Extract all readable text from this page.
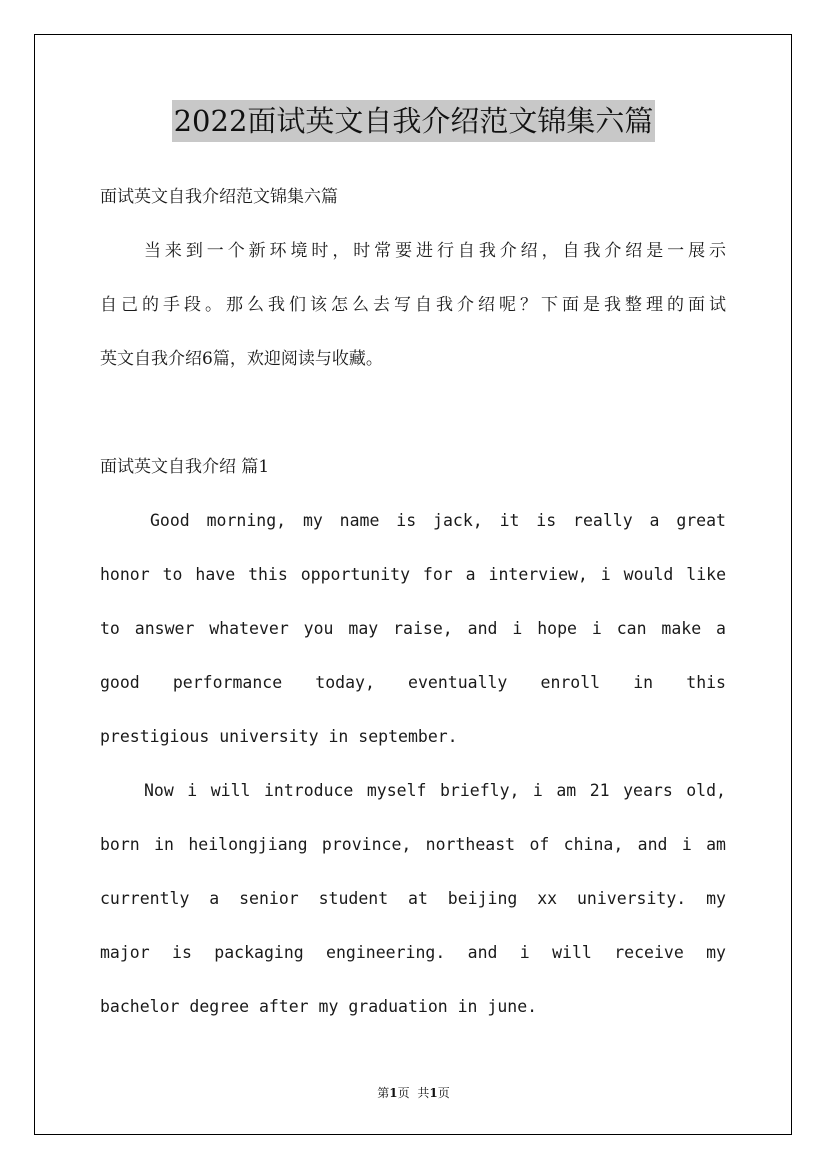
2022面试英文自我介绍范文锦集六篇
面试英文自我介绍范文锦集六篇
当来到一个新环境时，时常要进行自我介绍，自我介绍是一展示
自己的手段。那么我们该怎么去写自我介绍呢？下面是我整理的面试
英文自我介绍6篇，欢迎阅读与收藏。
面试英文自我介绍 篇1
Good morning, my name is jack, it is really a great
honor to have this opportunity for a interview, i would like
to answer whatever you may raise, and i hope i can make a
good performance today, eventually enroll in this
prestigious university in september.
Now i will introduce myself briefly, i am 21 years old,
born in heilongjiang province, northeast of china, and i am
currently a senior student at beijing xx university. my
major is packaging engineering. and i will receive my
bachelor degree after my graduation in june.
第1页 共1页
